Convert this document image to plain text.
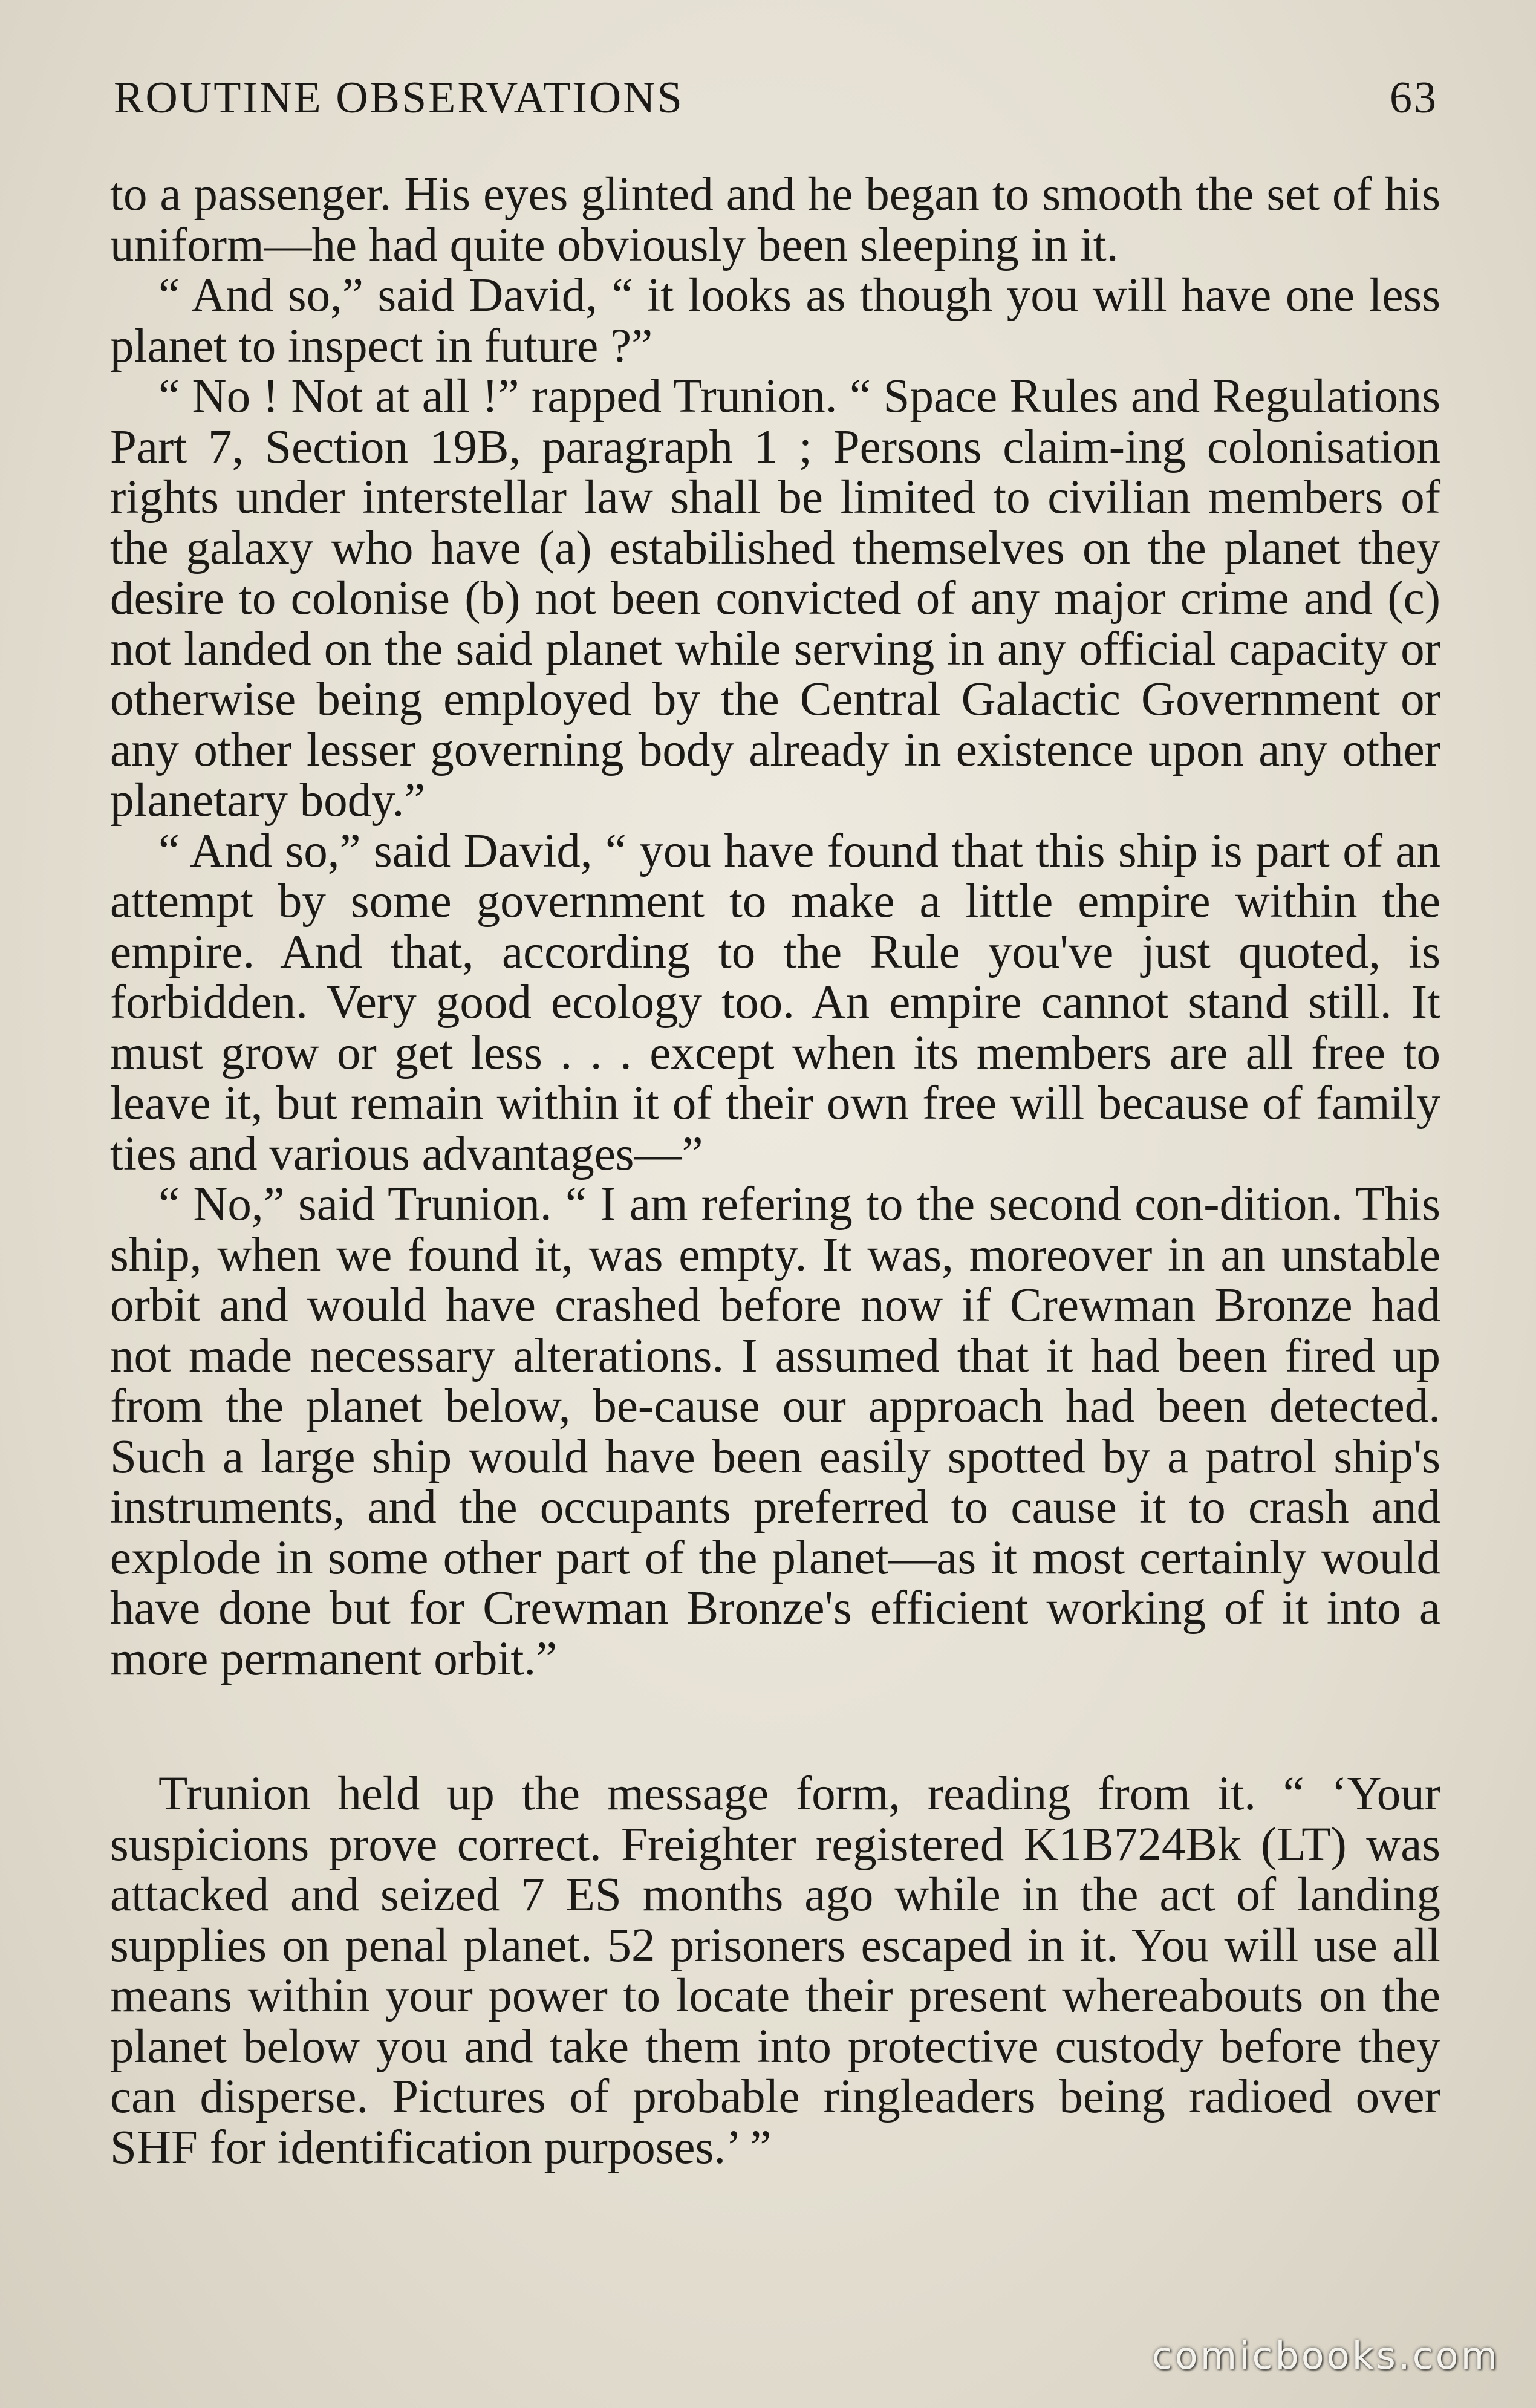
ROUTINE OBSERVATIONS	63

to a passenger. His eyes glinted and he began to smooth the set of his uniform—he had quite obviously been sleeping in it.

“ And so,” said David, “ it looks as though you will have one less planet to inspect in future ?”

“ No ! Not at all !” rapped Trunion. “ Space Rules and Regulations Part 7, Section 19B, paragraph 1 ; Persons claim-ing colonisation rights under interstellar law shall be limited to civilian members of the galaxy who have (a) estabilished themselves on the planet they desire to colonise (b) not been convicted of any major crime and (c) not landed on the said planet while serving in any official capacity or otherwise being employed by the Central Galactic Government or any other lesser governing body already in existence upon any other planetary body.”

“ And so,” said David, “ you have found that this ship is part of an attempt by some government to make a little empire within the empire. And that, according to the Rule you've just quoted, is forbidden. Very good ecology too. An empire cannot stand still. It must grow or get less . . . except when its members are all free to leave it, but remain within it of their own free will because of family ties and various advantages—”

“ No,” said Trunion. “ I am refering to the second con-dition. This ship, when we found it, was empty. It was, moreover in an unstable orbit and would have crashed before now if Crewman Bronze had not made necessary alterations. I assumed that it had been fired up from the planet below, be-cause our approach had been detected. Such a large ship would have been easily spotted by a patrol ship's instruments, and the occupants preferred to cause it to crash and explode in some other part of the planet—as it most certainly would have done but for Crewman Bronze's efficient working of it into a more permanent orbit.”

Trunion held up the message form, reading from it. “ ‘Your suspicions prove correct. Freighter registered K1B724Bk (LT) was attacked and seized 7 ES months ago while in the act of landing supplies on penal planet. 52 prisoners escaped in it. You will use all means within your power to locate their present whereabouts on the planet below you and take them into protective custody before they can disperse. Pictures of probable ringleaders being radioed over SHF for identification purposes.’ ”

comicbooks.com
